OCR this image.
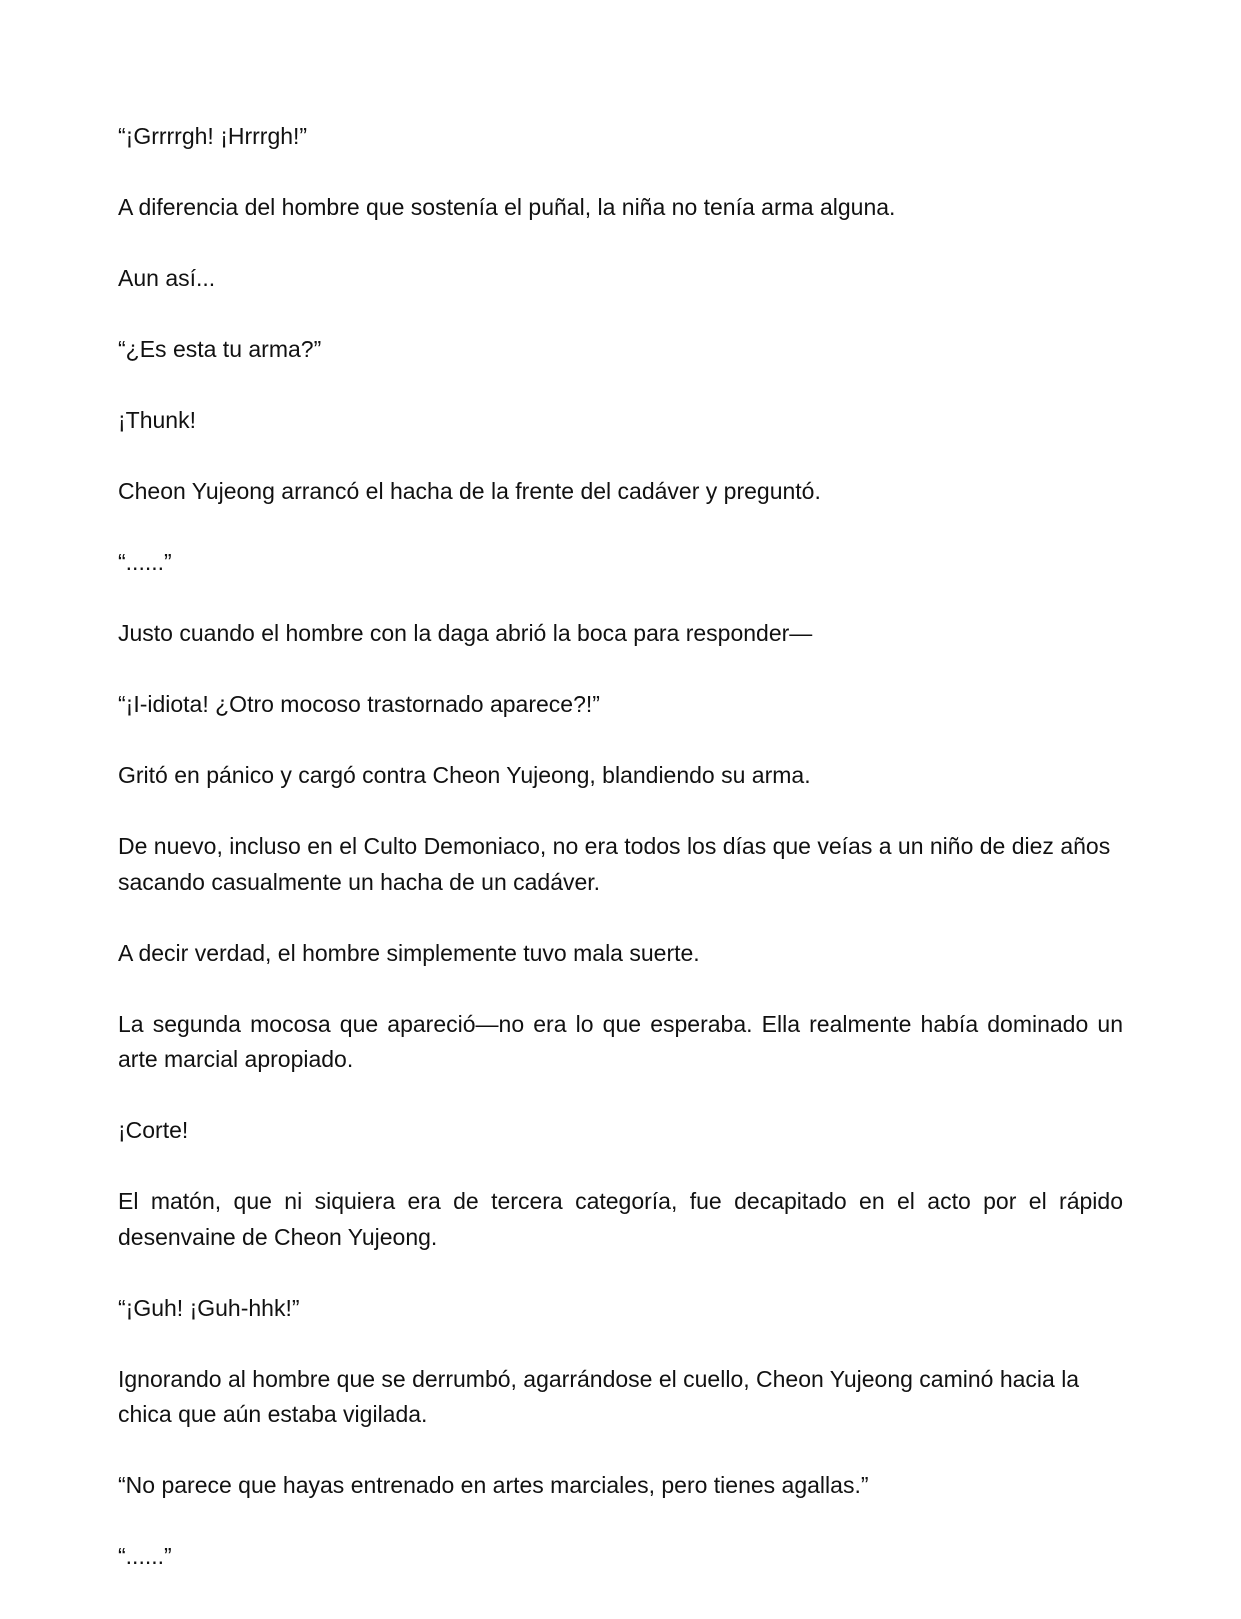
“¡Grrrrgh! ¡Hrrrgh!”

A diferencia del hombre que sostenía el puñal, la niña no tenía arma alguna.

Aun así...

“¿Es esta tu arma?”

¡Thunk!

Cheon Yujeong arrancó el hacha de la frente del cadáver y preguntó.

“......”

Justo cuando el hombre con la daga abrió la boca para responder—

“¡I-idiota! ¿Otro mocoso trastornado aparece?!”

Gritó en pánico y cargó contra Cheon Yujeong, blandiendo su arma.

De nuevo, incluso en el Culto Demoniaco, no era todos los días que veías a un niño de diez años sacando casualmente un hacha de un cadáver.

A decir verdad, el hombre simplemente tuvo mala suerte.

La segunda mocosa que apareció—no era lo que esperaba. Ella realmente había dominado un arte marcial apropiado.

¡Corte!

El matón, que ni siquiera era de tercera categoría, fue decapitado en el acto por el rápido desenvaine de Cheon Yujeong.

“¡Guh! ¡Guh-hhk!”

Ignorando al hombre que se derrumbó, agarrándose el cuello, Cheon Yujeong caminó hacia la chica que aún estaba vigilada.

“No parece que hayas entrenado en artes marciales, pero tienes agallas.”

“......”
